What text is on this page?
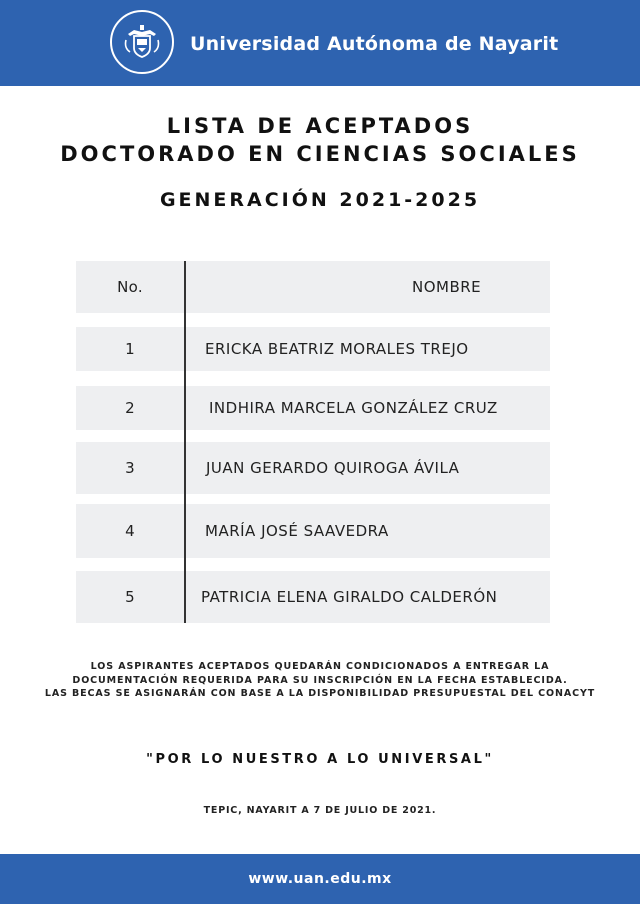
Universidad Autónoma de Nayarit
LISTA DE ACEPTADOS
DOCTORADO EN CIENCIAS SOCIALES
GENERACIÓN 2021-2025
No.	NOMBRE
1	ERICKA BEATRIZ MORALES TREJO
2	INDHIRA MARCELA GONZÁLEZ CRUZ
3	JUAN GERARDO QUIROGA ÁVILA
4	MARÍA JOSÉ SAAVEDRA
5	PATRICIA ELENA GIRALDO CALDERÓN
LOS ASPIRANTES ACEPTADOS QUEDARÁN CONDICIONADOS A ENTREGAR LA
DOCUMENTACIÓN REQUERIDA PARA SU INSCRIPCIÓN EN LA FECHA ESTABLECIDA.
LAS BECAS SE ASIGNARÁN CON BASE A LA DISPONIBILIDAD PRESUPUESTAL DEL CONACYT
"POR LO NUESTRO A LO UNIVERSAL"
TEPIC, NAYARIT A 7 DE JULIO DE 2021.
www.uan.edu.mx
